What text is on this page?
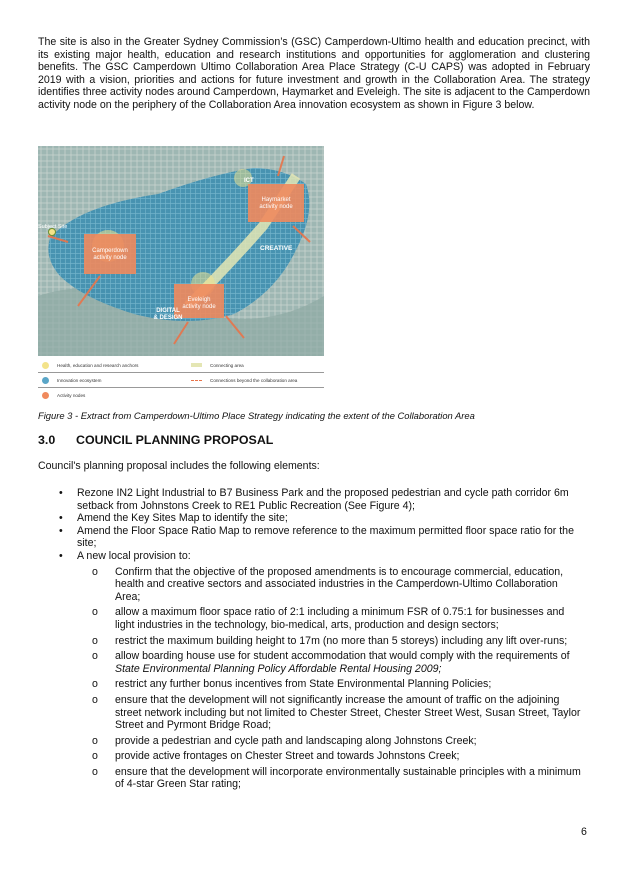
The site is also in the Greater Sydney Commission’s (GSC) Camperdown-Ultimo health and education precinct, with its existing major health, education and research institutions and opportunities for agglomeration and clustering benefits. The GSC Camperdown Ultimo Collaboration Area Place Strategy (C-U CAPS) was adopted in February 2019 with a vision, priorities and actions for future investment and growth in the Collaboration Area. The strategy identifies three activity nodes around Camperdown, Haymarket and Eveleigh. The site is adjacent to the Camperdown activity node on the periphery of the Collaboration Area innovation ecosystem as shown in Figure 3 below.

ICT
Haymarket
activity node
Subject Site
Camperdown
activity node
CREATIVE
Eveleigh
activity node
DIGITAL
& DESIGN
Health, education and research anchors	Connecting area
Innovation ecosystem	Connections beyond the collaboration area
Activity nodes

Figure 3 - Extract from Camperdown-Ultimo Place Strategy indicating the extent of the Collaboration Area

3.0	COUNCIL PLANNING PROPOSAL

Council's planning proposal includes the following elements:

• Rezone IN2 Light Industrial to B7 Business Park and the proposed pedestrian and cycle path corridor 6m setback from Johnstons Creek to RE1 Public Recreation (See Figure 4);
• Amend the Key Sites Map to identify the site;
• Amend the Floor Space Ratio Map to remove reference to the maximum permitted floor space ratio for the site;
• A new local provision to:
o Confirm that the objective of the proposed amendments is to encourage commercial, education, health and creative sectors and associated industries in the Camperdown-Ultimo Collaboration Area;
o allow a maximum floor space ratio of 2:1 including a minimum FSR of 0.75:1 for businesses and light industries in the technology, bio-medical, arts, production and design sectors;
o restrict the maximum building height to 17m (no more than 5 storeys) including any lift over-runs;
o allow boarding house use for student accommodation that would comply with the requirements of State Environmental Planning Policy Affordable Rental Housing 2009;
o restrict any further bonus incentives from State Environmental Planning Policies;
o ensure that the development will not significantly increase the amount of traffic on the adjoining street network including but not limited to Chester Street, Chester Street West, Susan Street, Taylor Street and Pyrmont Bridge Road;
o provide a pedestrian and cycle path and landscaping along Johnstons Creek;
o provide active frontages on Chester Street and towards Johnstons Creek;
o ensure that the development will incorporate environmentally sustainable principles with a minimum of 4-star Green Star rating;

6
